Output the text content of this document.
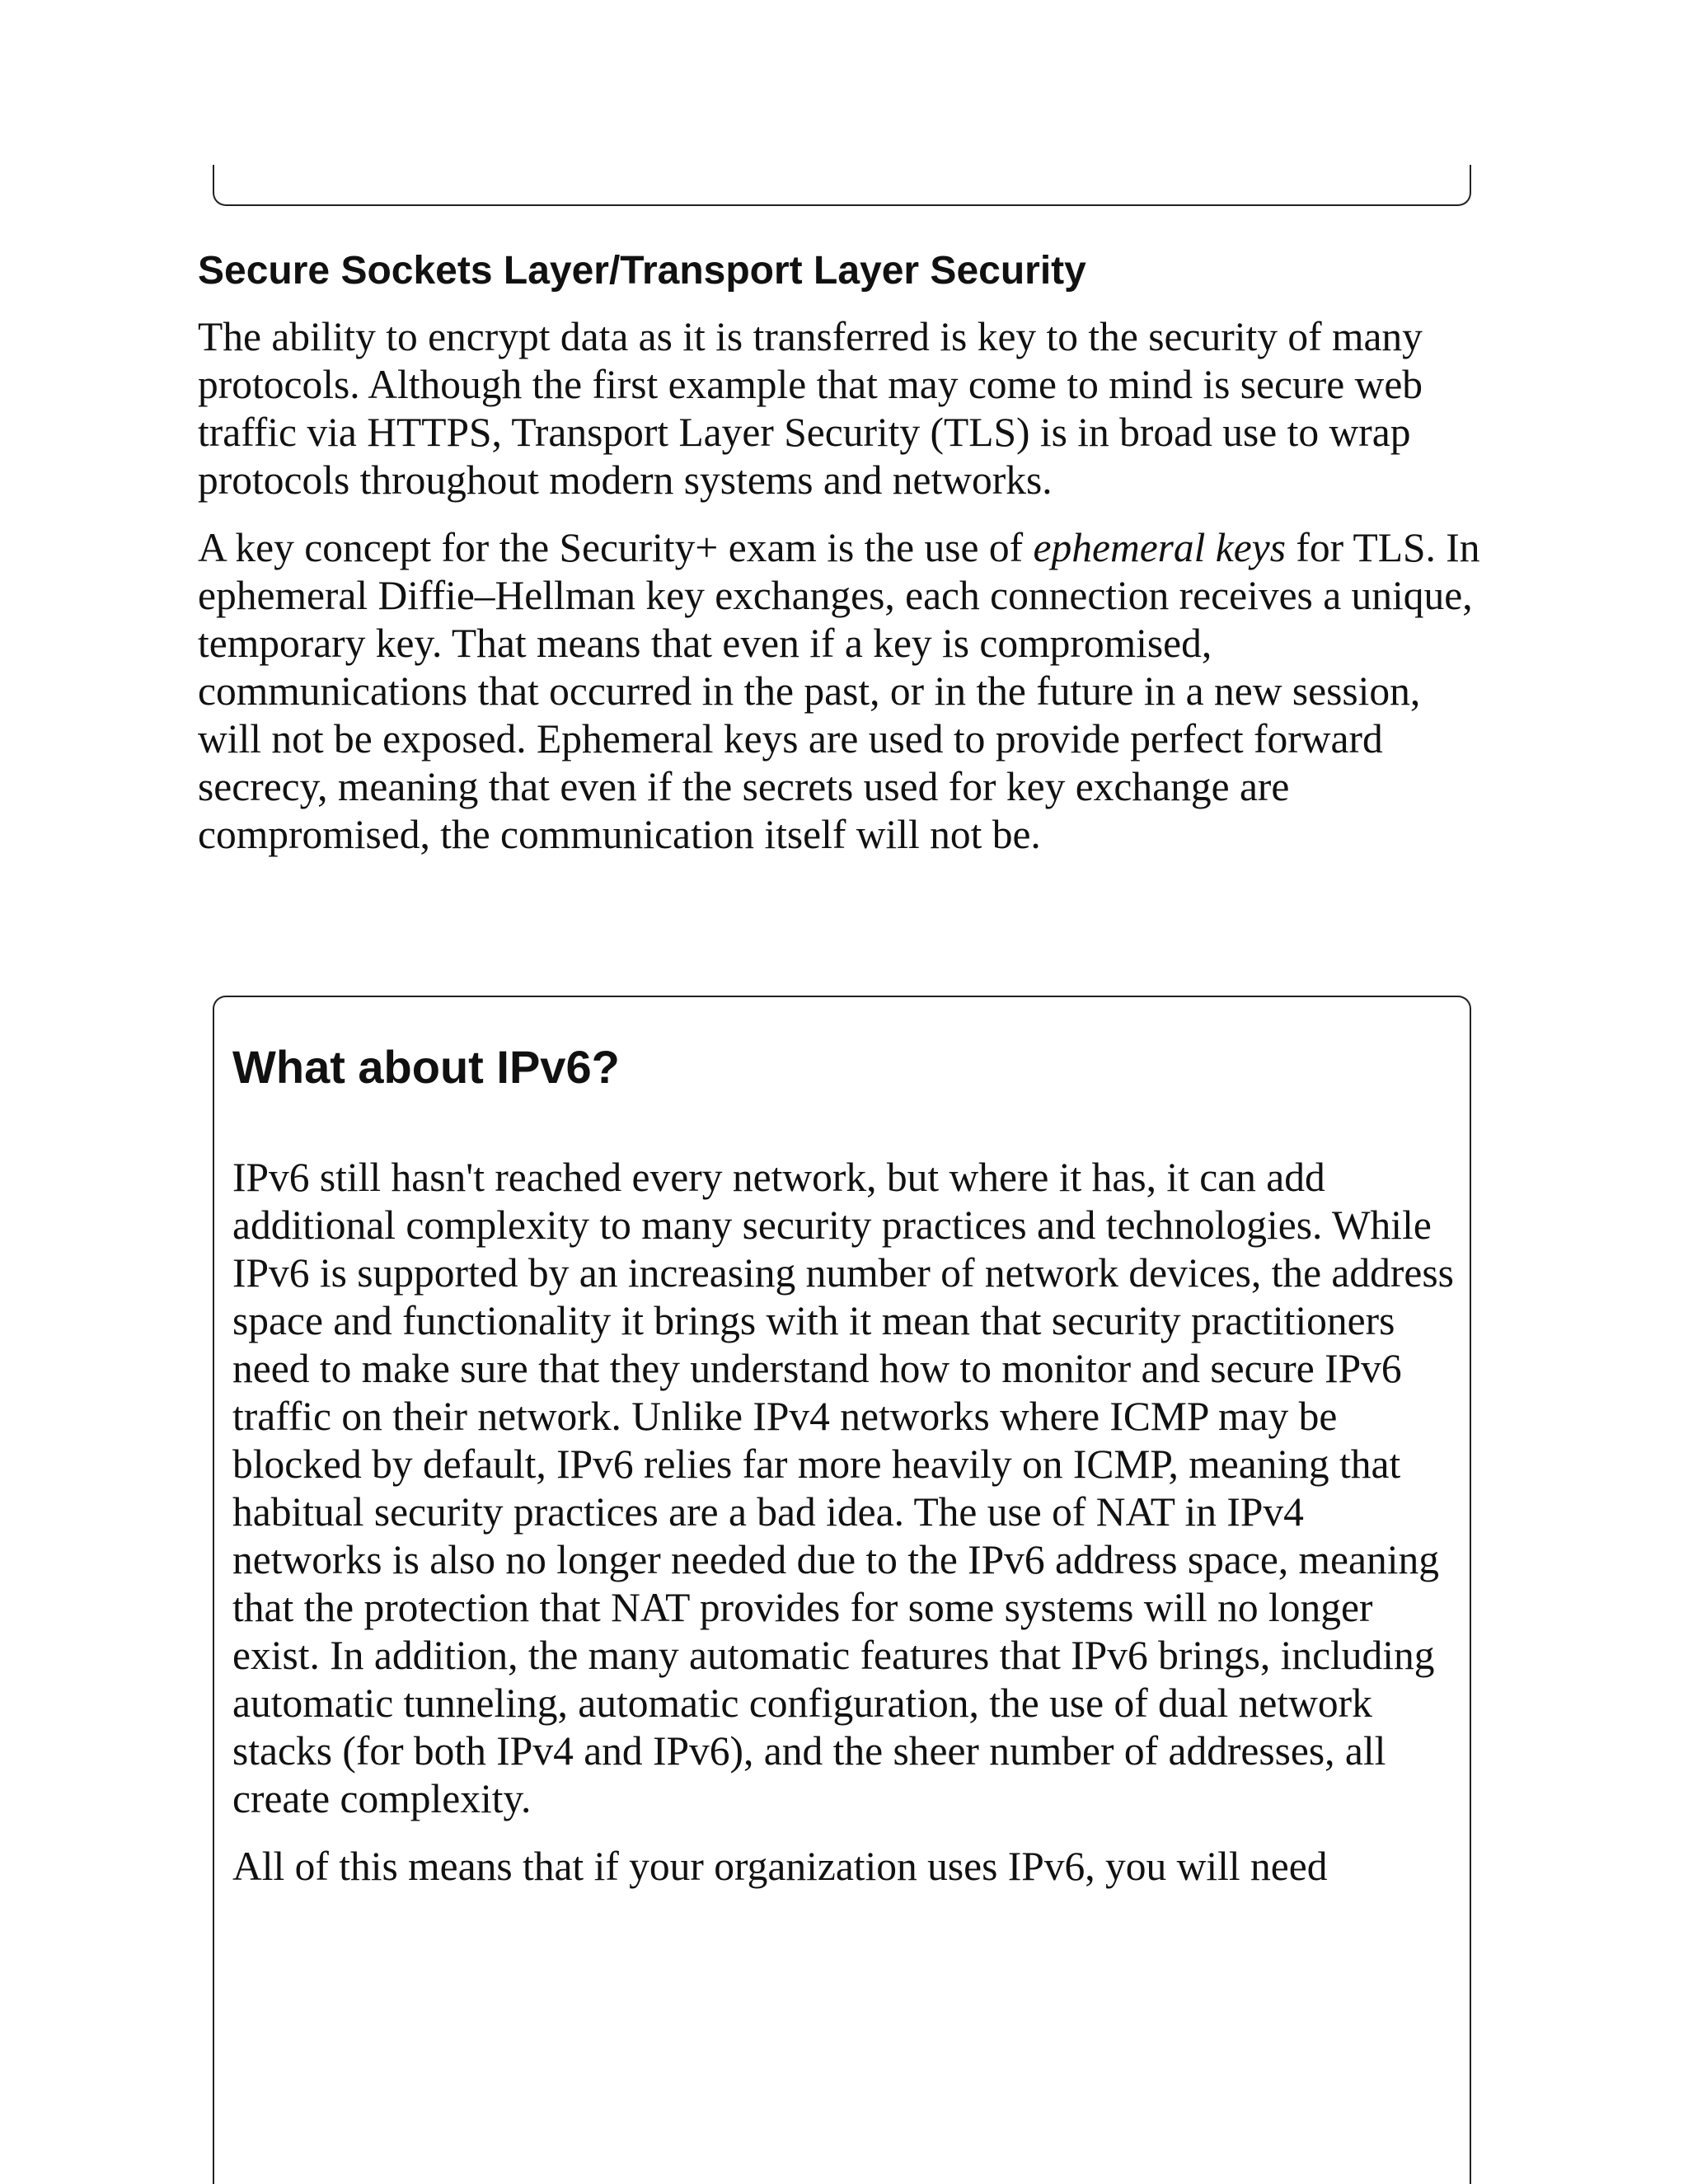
Secure Sockets Layer/Transport Layer Security

The ability to encrypt data as it is transferred is key to the security of many protocols. Although the first example that may come to mind is secure web traffic via HTTPS, Transport Layer Security (TLS) is in broad use to wrap protocols throughout modern systems and networks.

A key concept for the Security+ exam is the use of ephemeral keys for TLS. In ephemeral Diffie–Hellman key exchanges, each connection receives a unique, temporary key. That means that even if a key is compromised, communications that occurred in the past, or in the future in a new session, will not be exposed. Ephemeral keys are used to provide perfect forward secrecy, meaning that even if the secrets used for key exchange are compromised, the communication itself will not be.

What about IPv6?

IPv6 still hasn't reached every network, but where it has, it can add additional complexity to many security practices and technologies. While IPv6 is supported by an increasing number of network devices, the address space and functionality it brings with it mean that security practitioners need to make sure that they understand how to monitor and secure IPv6 traffic on their network. Unlike IPv4 networks where ICMP may be blocked by default, IPv6 relies far more heavily on ICMP, meaning that habitual security practices are a bad idea. The use of NAT in IPv4 networks is also no longer needed due to the IPv6 address space, meaning that the protection that NAT provides for some systems will no longer exist. In addition, the many automatic features that IPv6 brings, including automatic tunneling, automatic configuration, the use of dual network stacks (for both IPv4 and IPv6), and the sheer number of addresses, all create complexity.

All of this means that if your organization uses IPv6, you will need
